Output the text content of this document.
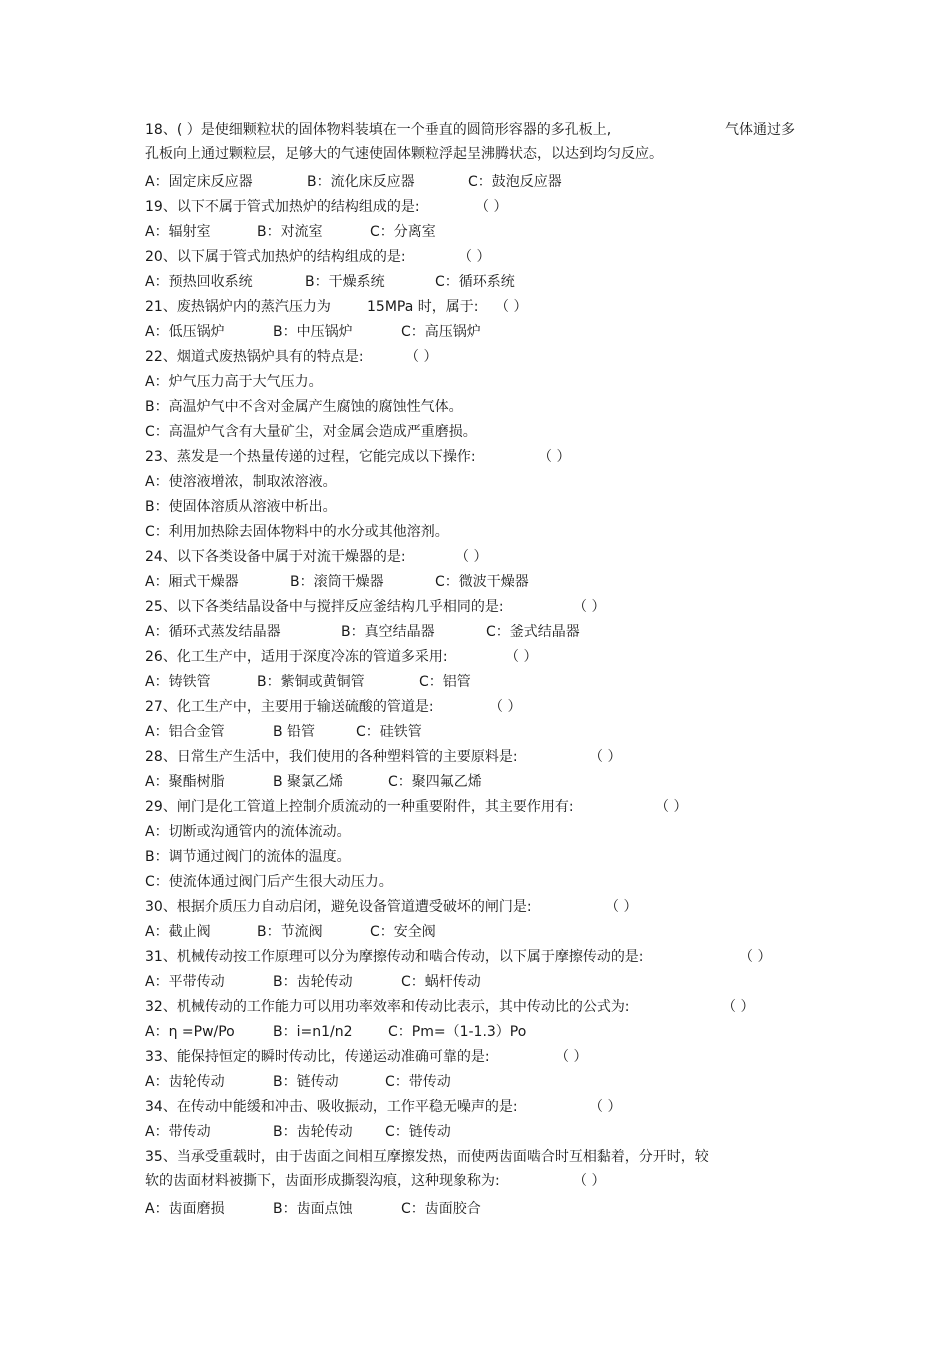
18、( ）是使细颗粒状的固体物料装填在一个垂直的圆筒形容器的多孔板上,	气体通过多
孔板向上通过颗粒层，足够大的气速使固体颗粒浮起呈沸腾状态，以达到均匀反应。
A：固定床反应器	B：流化床反应器	C：鼓泡反应器
19、以下不属于管式加热炉的结构组成的是:	（ ）
A：辐射室	B：对流室	C：分离室
20、以下属于管式加热炉的结构组成的是:	（ ）
A：预热回收系统	B：干燥系统	C：循环系统
21、废热锅炉内的蒸汽压力为	15MPa 时，属于: （ ）
A：低压锅炉	B：中压锅炉	C：高压锅炉
22、烟道式废热锅炉具有的特点是:	（ ）
A：炉气压力高于大气压力。
B：高温炉气中不含对金属产生腐蚀的腐蚀性气体。
C：高温炉气含有大量矿尘，对金属会造成严重磨损。
23、蒸发是一个热量传递的过程，它能完成以下操作:	（ ）
A：使溶液增浓，制取浓溶液。
B：使固体溶质从溶液中析出。
C：利用加热除去固体物料中的水分或其他溶剂。
24、以下各类设备中属于对流干燥器的是:	（ ）
A：厢式干燥器	B：滚筒干燥器	C：微波干燥器
25、以下各类结晶设备中与搅拌反应釜结构几乎相同的是:	（ ）
A：循环式蒸发结晶器	B：真空结晶器	C：釜式结晶器
26、化工生产中，适用于深度冷冻的管道多采用:	（ ）
A：铸铁管	B：紫铜或黄铜管	C：铝管
27、化工生产中，主要用于输送硫酸的管道是:	（ ）
A：铝合金管	B 铅管	C：硅铁管
28、日常生产生活中，我们使用的各种塑料管的主要原料是:	（ ）
A：聚酯树脂	B 聚氯乙烯	C：聚四氟乙烯
29、闸门是化工管道上控制介质流动的一种重要附件，其主要作用有:	（ ）
A：切断或沟通管内的流体流动。
B：调节通过阀门的流体的温度。
C：使流体通过阀门后产生很大动压力。
30、根据介质压力自动启闭，避免设备管道遭受破坏的闸门是:	（ ）
A：截止阀	B：节流阀	C：安全阀
31、机械传动按工作原理可以分为摩擦传动和啮合传动，以下属于摩擦传动的是:	（ ）
A：平带传动	B：齿轮传动	C：蜗杆传动
32、机械传动的工作能力可以用功率效率和传动比表示，其中传动比的公式为:	（ ）
A：η =Pw/Po	B：i=n1/n2	C：Pm=（1-1.3）Po
33、能保持恒定的瞬时传动比，传递运动准确可靠的是:	（ ）
A：齿轮传动	B：链传动	C：带传动
34、在传动中能缓和冲击、吸收振动，工作平稳无噪声的是:	（ ）
A：带传动	B：齿轮传动 C：链传动
35、当承受重载时，由于齿面之间相互摩擦发热，而使两齿面啮合时互相黏着，分开时，较
软的齿面材料被撕下，齿面形成撕裂沟痕，这种现象称为:	（ ）
A：齿面磨损	B：齿面点蚀	C：齿面胶合
